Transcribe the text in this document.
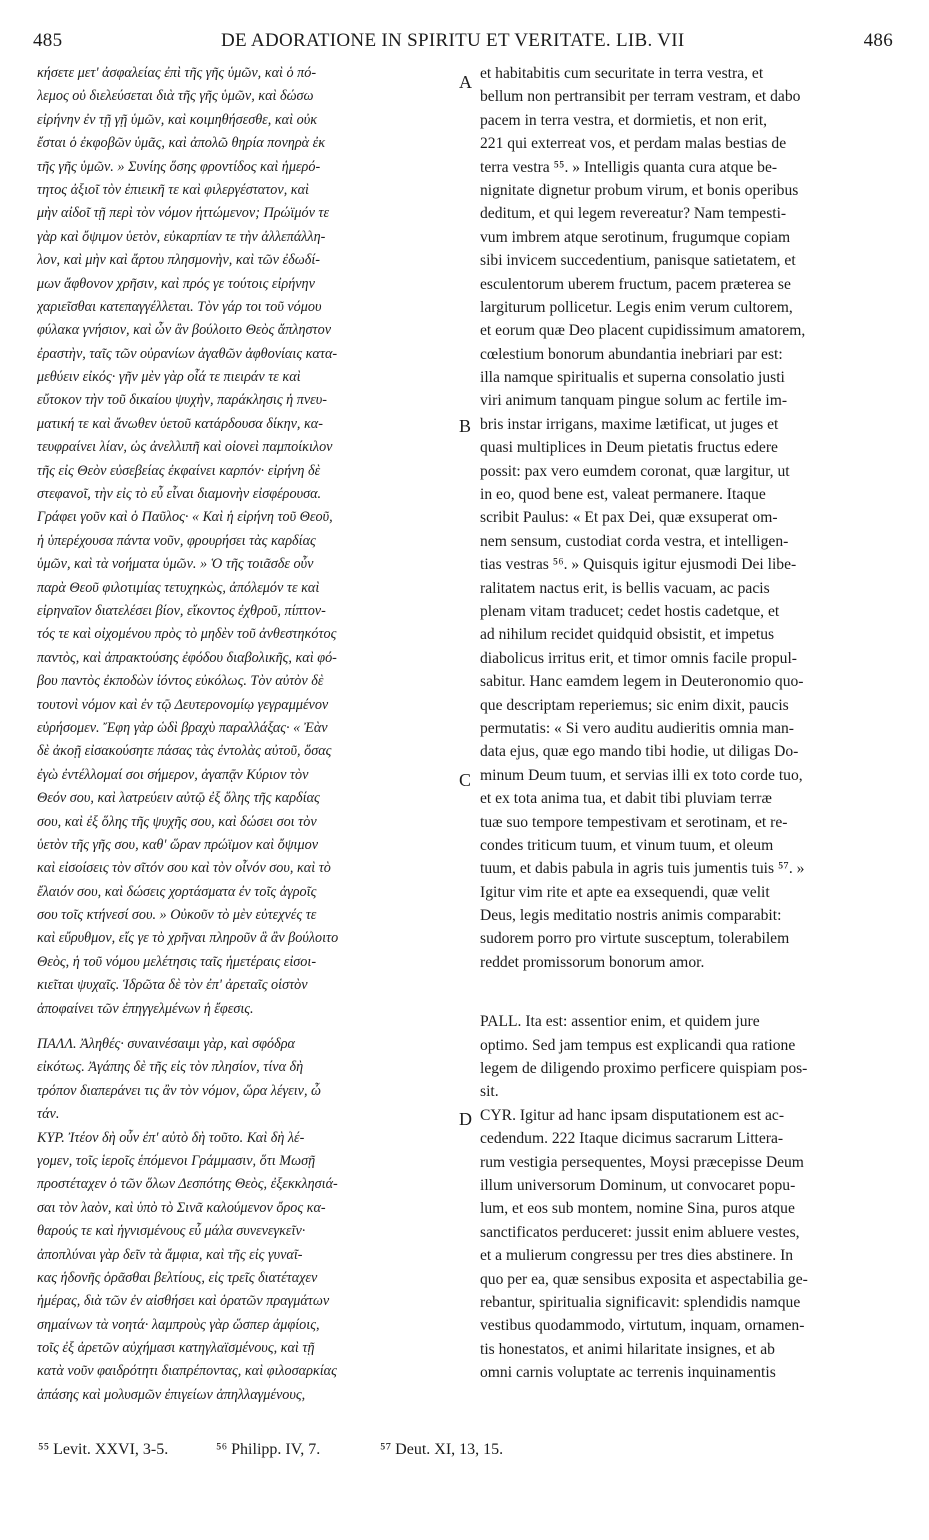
485	DE ADORATIONE IN SPIRITU ET VERITATE. LIB. VII	486
κήσετε μετ' ἀσφαλείας ἐπὶ τῆς γῆς ὑμῶν, καὶ ὁ πό-
λεμος οὐ διελεύσεται διὰ τῆς γῆς ὑμῶν, καὶ δώσω
εἰρήνην ἐν τῇ γῇ ὑμῶν, καὶ κοιμηθήσεσθε, καὶ οὐκ
ἔσται ὁ ἐκφοβῶν ὑμᾶς, καὶ ἀπολῶ θηρία πονηρὰ ἐκ
τῆς γῆς ὑμῶν. » Συνίης ὅσης φροντίδος καὶ ἡμερό-
τητος ἀξιοῖ τὸν ἐπιεικῆ τε καὶ φιλεργέστατον, καὶ
μὴν αἰδοῖ τῇ περὶ τὸν νόμον ἡττώμενον; Πρώϊμόν τε
γὰρ καὶ ὄψιμον ὑετὸν, εὐκαρπίαν τε τὴν ἀλλεπάλλη-
λον, καὶ μὴν καὶ ἄρτου πλησμονὴν, καὶ τῶν ἐδωδί-
μων ἄφθονον χρῆσιν, καὶ πρός γε τούτοις εἰρήνην
χαριεῖσθαι κατεπαγγέλλεται. Τὸν γάρ τοι τοῦ νόμου
φύλακα γνήσιον, καὶ ὧν ἂν βούλοιτο Θεὸς ἄπληστον
ἐραστὴν, ταῖς τῶν οὐρανίων ἀγαθῶν ἀφθονίαις κατα-
μεθύειν εἰκός· γῆν μὲν γὰρ οἷά τε πιειράν τε καὶ
εὔτοκον τὴν τοῦ δικαίου ψυχὴν, παράκλησις ἡ πνευ-
ματική τε καὶ ἄνωθεν ὑετοῦ κατάρδουσα δίκην, κα-
τευφραίνει λίαν, ὡς ἀνελλιπῆ καὶ οἱονεὶ παμποίκιλον
τῆς εἰς Θεὸν εὐσεβείας ἐκφαίνει καρπόν· εἰρήνη δὲ
στεφανοῖ, τὴν εἰς τὸ εὖ εἶναι διαμονὴν εἰσφέρουσα.
Γράφει γοῦν καὶ ὁ Παῦλος· « Καὶ ἡ εἰρήνη τοῦ Θεοῦ,
ἡ ὑπερέχουσα πάντα νοῦν, φρουρήσει τὰς καρδίας
ὑμῶν, καὶ τὰ νοήματα ὑμῶν. » Ὁ τῆς τοιᾶσδε οὖν
παρὰ Θεοῦ φιλοτιμίας τετυχηκὼς, ἀπόλεμόν τε καὶ
εἰρηναῖον διατελέσει βίον, εἴκοντος ἐχθροῦ, πίπτον-
τός τε καὶ οἰχομένου πρὸς τὸ μηδὲν τοῦ ἀνθεστηκότος
παντὸς, καὶ ἀπρακτούσης ἐφόδου διαβολικῆς, καὶ φό-
βου παντὸς ἐκποδὼν ἰόντος εὐκόλως. Τὸν αὐτὸν δὲ
τουτονὶ νόμον καὶ ἐν τῷ Δευτερονομίῳ γεγραμμένον
εὑρήσομεν. Ἔφη γὰρ ὡδὶ βραχὺ παραλλάξας· « Ἐὰν
δὲ ἀκοῇ εἰσακούσητε πάσας τὰς ἐντολὰς αὐτοῦ, ὅσας
ἐγὼ ἐντέλλομαί σοι σήμερον, ἀγαπᾷν Κύριον τὸν
Θεόν σου, καὶ λατρεύειν αὐτῷ ἐξ ὅλης τῆς καρδίας
σου, καὶ ἐξ ὅλης τῆς ψυχῆς σου, καὶ δώσει σοι τὸν
ὑετὸν τῆς γῆς σου, καθ' ὥραν πρώϊμον καὶ ὄψιμον
καὶ εἰσοίσεις τὸν σῖτόν σου καὶ τὸν οἶνόν σου, καὶ τὸ
ἔλαιόν σου, καὶ δώσεις χορτάσματα ἐν τοῖς ἀγροῖς
σου τοῖς κτήνεσί σου. » Οὐκοῦν τὸ μὲν εὐτεχνές τε
καὶ εὔρυθμον, εἴς γε τὸ χρῆναι πληροῦν ἃ ἂν βούλοιτο
Θεὸς, ἡ τοῦ νόμου μελέτησις ταῖς ἡμετέραις εἰσοι-
κιεῖται ψυχαῖς. Ἱδρῶτα δὲ τὸν ἐπ' ἀρεταῖς οἱστὸν
ἀποφαίνει τῶν ἐπηγγελμένων ἡ ἔφεσις.
ΠΑΛΛ. Ἀληθές· συναινέσαιμι γὰρ, καὶ σφόδρα
εἰκότως. Ἀγάπης δὲ τῆς εἰς τὸν πλησίον, τίνα δὴ
τρόπον διαπεράνει τις ἂν τὸν νόμον, ὥρα λέγειν, ὦ
τάν.
ΚΥΡ. Ἰτέον δὴ οὖν ἐπ' αὐτὸ δὴ τοῦτο. Καὶ δὴ λέ-
γομεν, τοῖς ἱεροῖς ἑπόμενοι Γράμμασιν, ὅτι Μωσῇ
προστέταχεν ὁ τῶν ὅλων Δεσπότης Θεὸς, ἐξεκκλησιά-
σαι τὸν λαὸν, καὶ ὑπὸ τὸ Σινᾶ καλούμενον ὄρος κα-
θαρούς τε καὶ ἡγνισμένους εὖ μάλα συνενεγκεῖν·
ἀποπλύναι γὰρ δεῖν τὰ ἄμφια, καὶ τῆς εἰς γυναῖ-
κας ἡδονῆς ὁρᾶσθαι βελτίους, εἰς τρεῖς διατέταχεν
ἡμέρας, διὰ τῶν ἐν αἰσθήσει καὶ ὁρατῶν πραγμάτων
σημαίνων τὰ νοητά· λαμπροὺς γὰρ ὥσπερ ἀμφίοις,
τοῖς ἐξ ἀρετῶν αὐχήμασι κατηγλαϊσμένους, καὶ τῇ
κατὰ νοῦν φαιδρότητι διαπρέποντας, καὶ φιλοσαρκίας
ἁπάσης καὶ μολυσμῶν ἐπιγείων ἀπηλλαγμένους,
et habitabitis cum securitate in terra vestra, et
bellum non pertransibit per terram vestram, et dabo
pacem in terra vestra, et dormietis, et non erit,
221 qui exterreat vos, et perdam malas bestias de
terra vestra ⁵⁵. » Intelligis quanta cura atque be-
nignitate dignetur probum virum, et bonis operibus
deditum, et qui legem revereatur? Nam tempesti-
vum imbrem atque serotinum, frugumque copiam
sibi invicem succedentium, panisque satietatem, et
esculentorum uberem fructum, pacem præterea se
largiturum pollicetur. Legis enim verum cultorem,
et eorum quæ Deo placent cupidissimum amatorem,
cœlestium bonorum abundantia inebriari par est:
illa namque spiritualis et superna consolatio justi
viri animum tanquam pingue solum ac fertile im-
bris instar irrigans, maxime lætificat, ut juges et
quasi multiplices in Deum pietatis fructus edere
possit: pax vero eumdem coronat, quæ largitur, ut
in eo, quod bene est, valeat permanere. Itaque
scribit Paulus: « Et pax Dei, quæ exsuperat om-
nem sensum, custodiat corda vestra, et intelligen-
tias vestras ⁵⁶. » Quisquis igitur ejusmodi Dei libe-
ralitatem nactus erit, is bellis vacuam, ac pacis
plenam vitam traducet; cedet hostis cadetque, et
ad nihilum recidet quidquid obsistit, et impetus
diabolicus irritus erit, et timor omnis facile propul-
sabitur. Hanc eamdem legem in Deuteronomio quo-
que descriptam reperiemus; sic enim dixit, paucis
permutatis: « Si vero auditu audieritis omnia man-
data ejus, quæ ego mando tibi hodie, ut diligas Do-
minum Deum tuum, et servias illi ex toto corde tuo,
et ex tota anima tua, et dabit tibi pluviam terræ
tuæ suo tempore tempestivam et serotinam, et re-
condes triticum tuum, et vinum tuum, et oleum
tuum, et dabis pabula in agris tuis jumentis tuis ⁵⁷. »
Igitur vim rite et apte ea exsequendi, quæ velit
Deus, legis meditatio nostris animis comparabit:
sudorem porro pro virtute susceptum, tolerabilem
reddet promissorum bonorum amor.
PALL. Ita est: assentior enim, et quidem jure
optimo. Sed jam tempus est explicandi qua ratione
legem de diligendo proximo perficere quispiam pos-
sit.
CYR. Igitur ad hanc ipsam disputationem est ac-
cedendum. 222 Itaque dicimus sacrarum Littera-
rum vestigia persequentes, Moysi præcepisse Deum
illum universorum Dominum, ut convocaret popu-
lum, et eos sub montem, nomine Sina, puros atque
sanctificatos perduceret: jussit enim abluere vestes,
et a mulierum congressu per tres dies abstinere. In
quo per ea, quæ sensibus exposita et aspectabilia ge-
rebantur, spiritualia significavit: splendidis namque
vestibus quodammodo, virtutum, inquam, ornamen-
tis honestatos, et animi hilaritate insignes, et ab
omni carnis voluptate ac terrenis inquinamentis
A
B
C
D
⁵⁵ Levit. XXVI, 3-5.	⁵⁶ Philipp. IV, 7.	⁵⁷ Deut. XI, 13, 15.
